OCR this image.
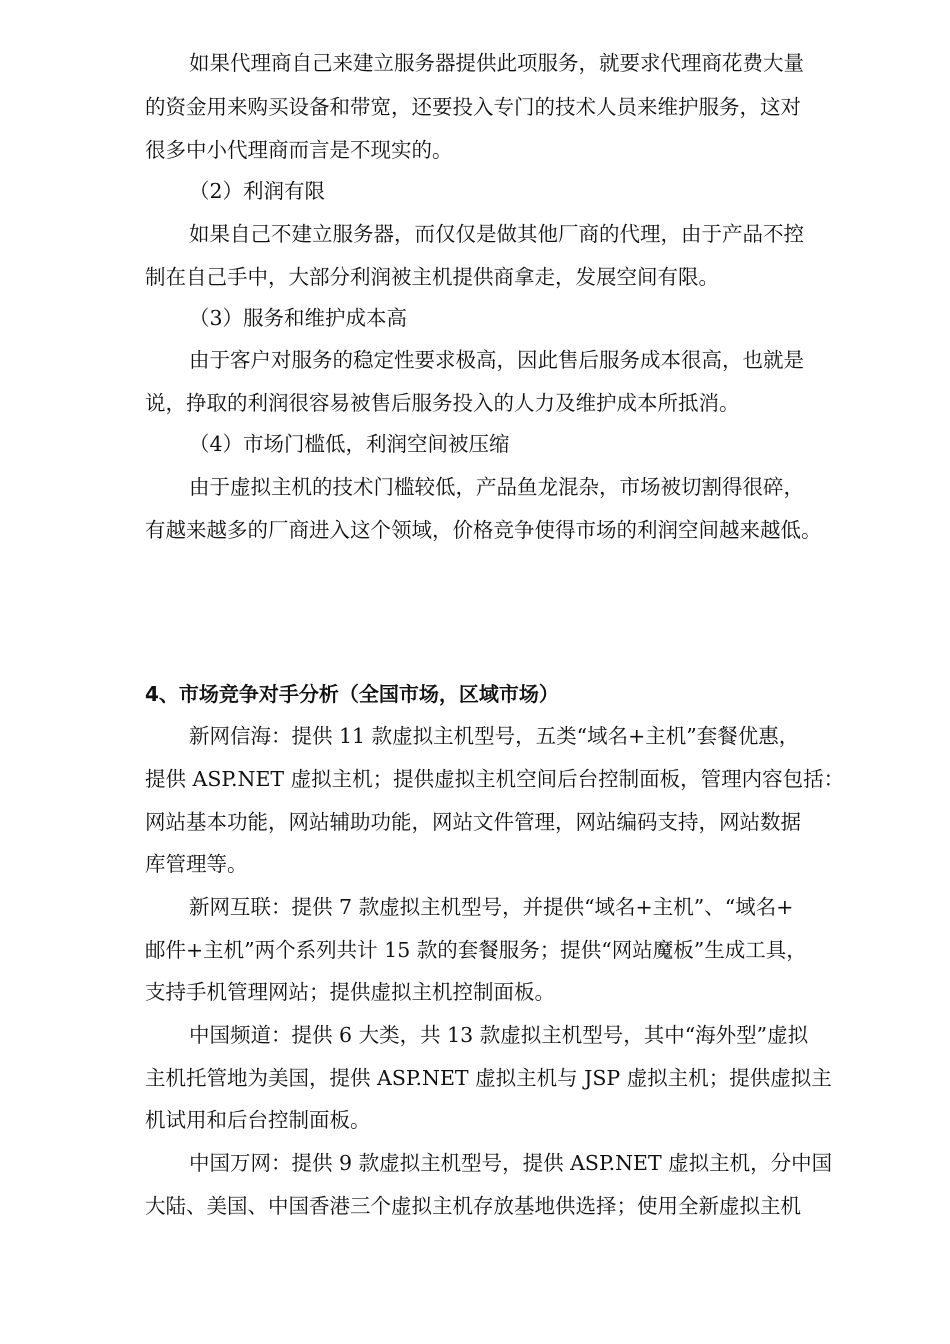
如果代理商自己来建立服务器提供此项服务，就要求代理商花费大量
的资金用来购买设备和带宽，还要投入专门的技术人员来维护服务，这对
很多中小代理商而言是不现实的。
（2）利润有限
如果自己不建立服务器，而仅仅是做其他厂商的代理，由于产品不控
制在自己手中，大部分利润被主机提供商拿走，发展空间有限。
（3）服务和维护成本高
由于客户对服务的稳定性要求极高，因此售后服务成本很高，也就是
说，挣取的利润很容易被售后服务投入的人力及维护成本所抵消。
（4）市场门槛低，利润空间被压缩
由于虚拟主机的技术门槛较低，产品鱼龙混杂，市场被切割得很碎，
有越来越多的厂商进入这个领域，价格竞争使得市场的利润空间越来越低。
4、市场竞争对手分析（全国市场，区域市场）
新网信海：提供 11 款虚拟主机型号，五类“域名+主机”套餐优惠，
提供 ASP.NET 虚拟主机；提供虚拟主机空间后台控制面板，管理内容包括：
网站基本功能，网站辅助功能，网站文件管理，网站编码支持，网站数据
库管理等。
新网互联：提供 7 款虚拟主机型号，并提供“域名+主机”、“域名+
邮件+主机”两个系列共计 15 款的套餐服务；提供“网站魔板”生成工具，
支持手机管理网站；提供虚拟主机控制面板。
中国频道：提供 6 大类，共 13 款虚拟主机型号，其中“海外型”虚拟
主机托管地为美国，提供 ASP.NET 虚拟主机与 JSP 虚拟主机；提供虚拟主
机试用和后台控制面板。
中国万网：提供 9 款虚拟主机型号，提供 ASP.NET 虚拟主机，分中国
大陆、美国、中国香港三个虚拟主机存放基地供选择；使用全新虚拟主机
